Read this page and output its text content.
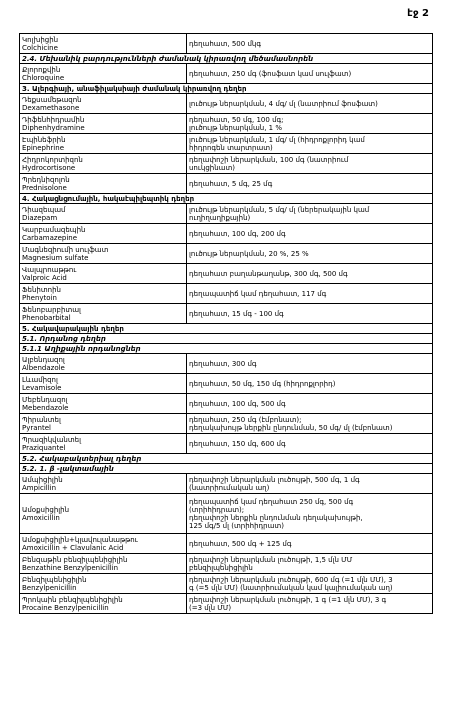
էջ 2
Կոլխիցին
Colchicine	դեղահատ, 500 մկգ

2.4. Մեխանիկ բարդությունների ժամանակ կիրառվող մեծամասնորեն	

Քլորոքվին
Chloroquine	դեղահատ, 250 մգ (ֆոսֆատ կամ սուլֆատ)

3. Ալերգիայի, անաֆիլակսիայի ժամանակ կիրառվող դեղեր	

Դեքսամեթազոն
Dexamethasone	լուծույթ ներարկման, 4 մգ/ մլ (նատրիում ֆոսֆատ)

Դիֆենհիդրամին
Diphenhydramine	դեղահատ, 50 մգ, 100 մգ;
լուծույթ ներարկման, 1 %

Էպինեֆրին
Epinephrine	լուծույթ ներարկման, 1 մգ/ մլ (հիդրոքլորիդ կամ
հիդրոգեն տարտրատ)

Հիդրոկորտիզոն
Hydrocortisone	դեղափոշի ներարկման, 100 մգ (նատրիում
սուկցինատ)

Պրեդնիզոլոն
Prednisolone	դեղահատ, 5 մգ, 25 մգ

4. Հակացնցումային, հակաէպիլեպտիկ դեղեր	

Դիազեպամ
Diazepam	լուծույթ ներարկման, 5 մգ/ մլ (ներերակային կամ
ուղիղաղիքային)

Կարբամազեպին
Carbamazepine	դեղահատ, 100 մգ, 200 մգ

Մագնեզիումի սուլֆատ
Magnesium sulfate	լուծույթ ներարկման, 20 %, 25 %

Վալպրոաթթու
Valproic Acid	դեղահատ բաղանթաղանթ, 300 մգ, 500 մգ

Ֆենիտոին
Phenytoin	դեղապատիճ կամ դեղահատ, 117 մգ

Ֆենոբարբիտալ
Phenobarbital	դեղահատ, 15 մգ - 100 մգ

5. Հակավարակային դեղեր	
5.1. Որդանոց դեղեր	
5.1.1 Աղիքային որդանոցներ	

Ալբենդազոլ
Albendazole	դեղահատ, 300 մգ

Լևամիզոլ
Levamisole	դեղահատ, 50 մգ, 150 մգ (հիդրոքլորիդ)

Մեբենդազոլ
Mebendazole	դեղահատ, 100 մգ, 500 մգ

Պիրանտել
Pyrantel	դեղահատ, 250 մգ (էմբոնատ);
դեղակախույթ ներքին ընդունման, 50 մգ/ մլ (էմբոնատ)

Պրազիկվանտել
Praziquantel	դեղահատ, 150 մգ, 600 մգ

5.2. Հակաբակտերիալ դեղեր	
5.2. 1. β -լակտամային	

Ամպիցիլին
Ampicillin	դեղափոշի ներարկման լուծույթի, 500 մգ, 1 մգ
(նատրիումական աղ)

Ամօքսիցիլին
Amoxicillin	դեղապատիճ կամ դեղահատ 250 մգ, 500 մգ
(տրիհիդրատ);
դեղափոշի ներքին ընդունման դեղակախույթի,
125 մգ/5 մլ (տրիհիդրատ)

Ամօքսիցիլին+կլավուլանաթթու
Amoxicillin + Clavulanic Acid	դեղահատ, 500 մգ + 125 մգ

Բենզաթին բենզիլպենիցիլին
Benzathine Benzylpenicillin	դեղափոշի ներարկման լուծույթի, 1,5 մլն ՄՄ
բենզիլպենիցիլին

Բենզիլպենիցիլին
Benzylpenicillin	դեղափոշի ներարկման լուծույթի, 600 մգ (=1 մլն ՄՄ), 3
գ (=5 մլն ՄՄ) (նատրիումական կամ կալիումական աղ)

Պրոկաին բենզիլպենիցիլին
Procaine Benzylpenicillin	դեղափոշի ներարկման լուծույթի, 1 գ (=1 մլն ՄՄ), 3 գ
(=3 մլն ՄՄ)
